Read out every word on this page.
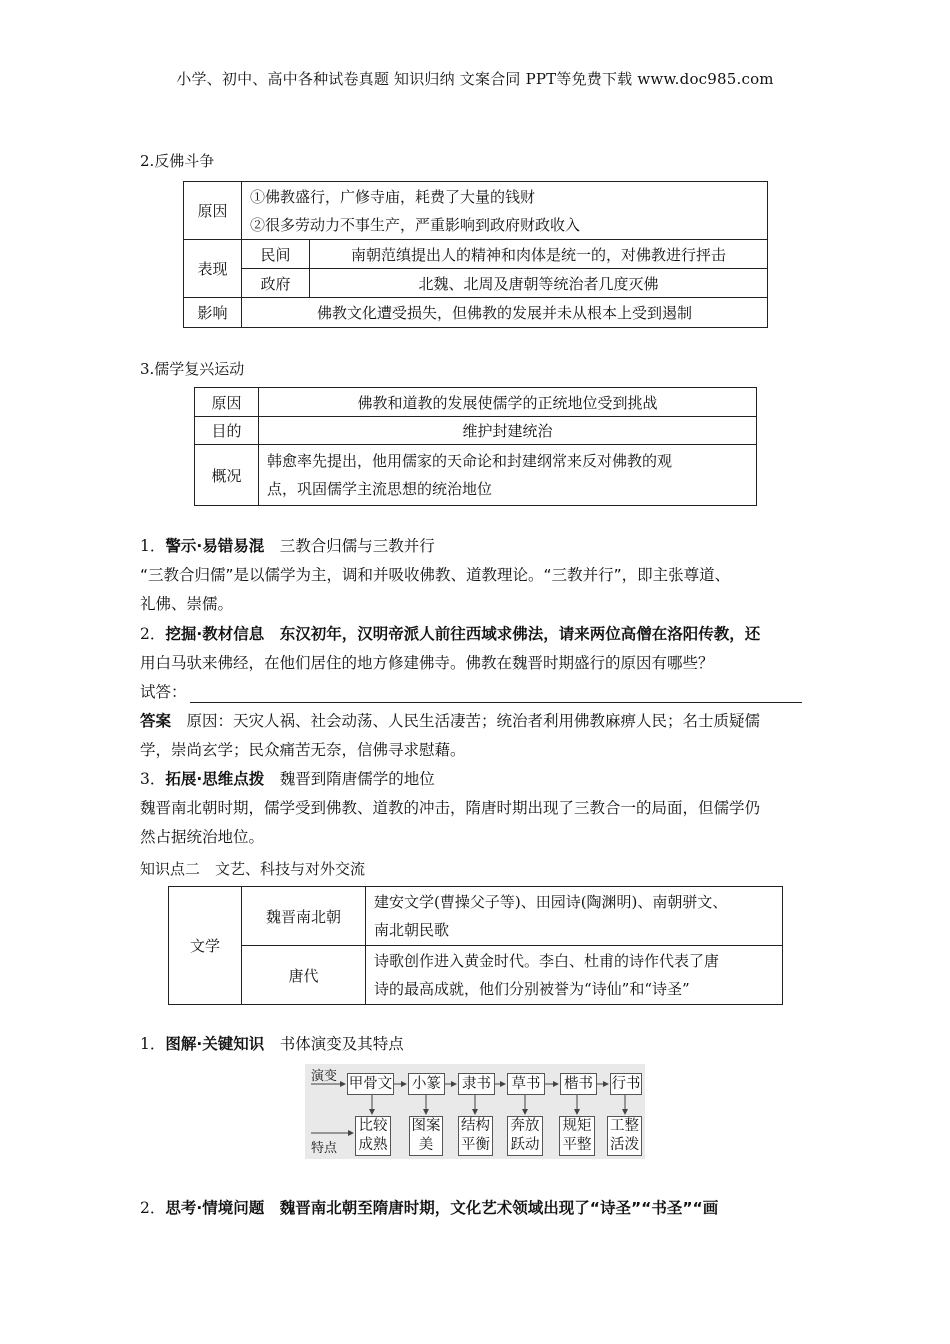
小学、初中、高中各种试卷真题 知识归纳 文案合同 PPT等免费下载 www.doc985.com
2.反佛斗争
原因	①佛教盛行，广修寺庙，耗费了大量的钱财
②很多劳动力不事生产，严重影响到政府财政收入	

表现	民间	南朝范缜提出人的精神和肉体是统一的，对佛教进行抨击
	政府	北魏、北周及唐朝等统治者几度灭佛
影响	佛教文化遭受损失，但佛教的发展并未从根本上受到遏制	
3.儒学复兴运动
原因	佛教和道教的发展使儒学的正统地位受到挑战
目的	维护封建统治
概况	韩愈率先提出，他用儒家的天命论和封建纲常来反对佛教的观
点，巩固儒学主流思想的统治地位
1．警示·易错易混　 三教合归儒与三教并行
“三教合归儒”是以儒学为主，调和并吸收佛教、道教理论。“三教并行”，即主张尊道、
礼佛、崇儒。
2．挖掘·教材信息　 东汉初年，汉明帝派人前往西域求佛法，请来两位高僧在洛阳传教，还
用白马驮来佛经，在他们居住的地方修建佛寺。佛教在魏晋时期盛行的原因有哪些？
试答：
答案　 原因：天灾人祸、社会动荡、人民生活凄苦；统治者利用佛教麻痹人民；名士质疑儒
学，崇尚玄学；民众痛苦无奈，信佛寻求慰藉。
3．拓展·思维点拨　 魏晋到隋唐儒学的地位
魏晋南北朝时期，儒学受到佛教、道教的冲击，隋唐时期出现了三教合一的局面，但儒学仍
然占据统治地位。
知识点二　文艺、科技与对外交流
文学	魏晋南北朝	建安文学(曹操父子等)、田园诗(陶渊明)、南朝骈文、
南北朝民歌

	唐代	诗歌创作进入黄金时代。李白、杜甫的诗作代表了唐
诗的最高成就，他们分别被誉为“诗仙”和“诗圣”
1．图解·关键知识　 书体演变及其特点
演变
特点
甲骨文 小篆 隶书	草书	楷书 行书
比较
成熟
图案
美
结构
平衡
奔放
跃动
规矩
平整
工整
活泼
2．思考·情境问题　 魏晋南北朝至隋唐时期，文化艺术领域出现了“诗圣”“书圣”“画
